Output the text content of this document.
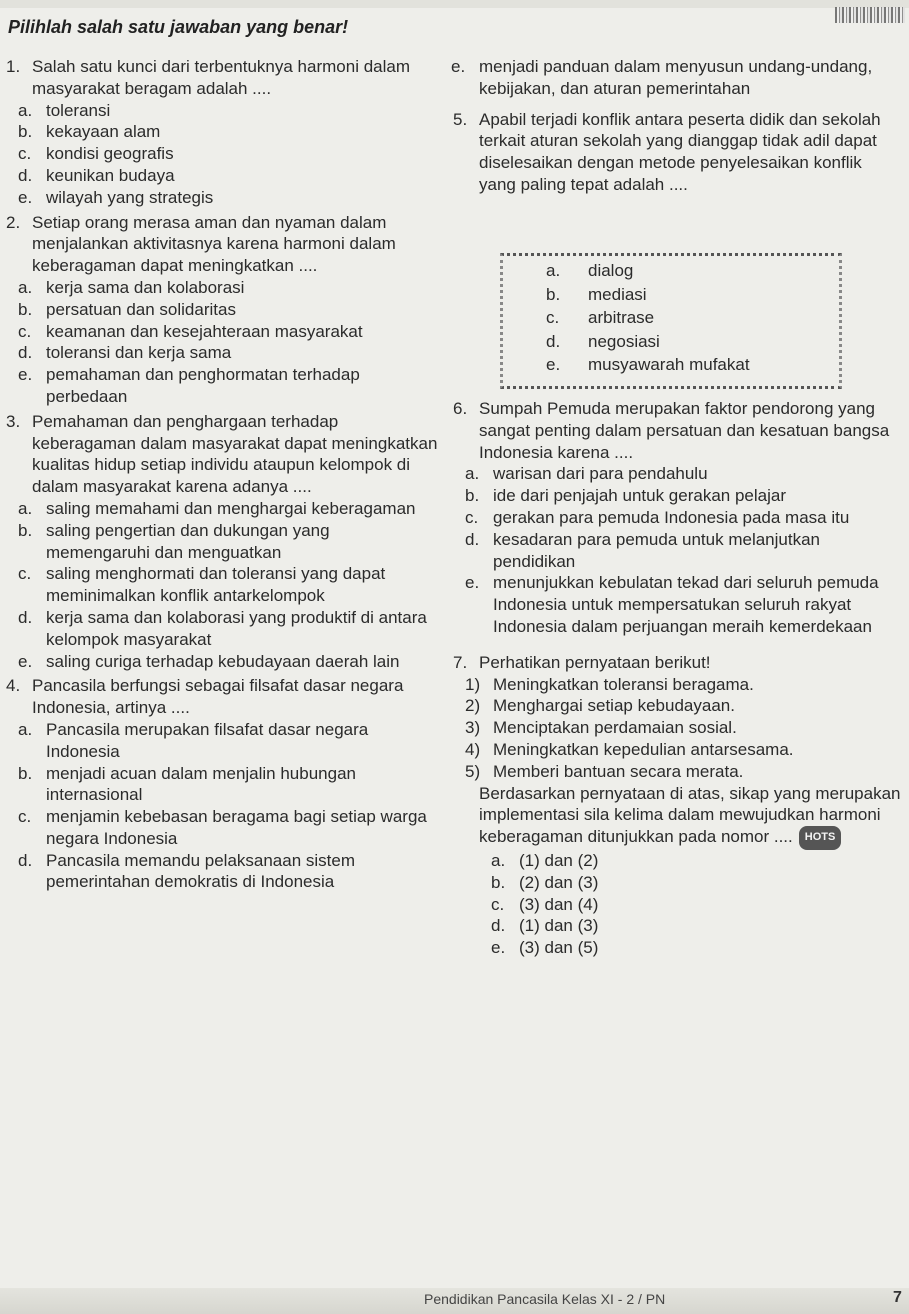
Pilihlah salah satu jawaban yang benar!
1. Salah satu kunci dari terbentuknya harmoni dalam masyarakat beragam adalah ....
a. toleransi
b. kekayaan alam
c. kondisi geografis
d. keunikan budaya
e. wilayah yang strategis
2. Setiap orang merasa aman dan nyaman dalam menjalankan aktivitasnya karena harmoni dalam keberagaman dapat meningkatkan ....
a. kerja sama dan kolaborasi
b. persatuan dan solidaritas
c. keamanan dan kesejahteraan masyarakat
d. toleransi dan kerja sama
e. pemahaman dan penghormatan terhadap perbedaan
3. Pemahaman dan penghargaan terhadap keberagaman dalam masyarakat dapat meningkatkan kualitas hidup setiap individu ataupun kelompok di dalam masyarakat karena adanya ....
a. saling memahami dan menghargai keberagaman
b. saling pengertian dan dukungan yang memengaruhi dan menguatkan
c. saling menghormati dan toleransi yang dapat meminimalkan konflik antarkelompok
d. kerja sama dan kolaborasi yang produktif di antara kelompok masyarakat
e. saling curiga terhadap kebudayaan daerah lain
4. Pancasila berfungsi sebagai filsafat dasar negara Indonesia, artinya ....
a. Pancasila merupakan filsafat dasar negara Indonesia
b. menjadi acuan dalam menjalin hubungan internasional
c. menjamin kebebasan beragama bagi setiap warga negara Indonesia
d. Pancasila memandu pelaksanaan sistem pemerintahan demokratis di Indonesia
e. menjadi panduan dalam menyusun undang-undang, kebijakan, dan aturan pemerintahan
5. Apabil terjadi konflik antara peserta didik dan sekolah terkait aturan sekolah yang dianggap tidak adil dapat diselesaikan dengan metode penyelesaikan konflik yang paling tepat adalah ....
a.	dialog
b.	mediasi
c.	arbitrase
d.	negosiasi
e.	musyawarah mufakat
6. Sumpah Pemuda merupakan faktor pendorong yang sangat penting dalam persatuan dan kesatuan bangsa Indonesia karena ....
a. warisan dari para pendahulu
b. ide dari penjajah untuk gerakan pelajar
c. gerakan para pemuda Indonesia pada masa itu
d. kesadaran para pemuda untuk melanjutkan pendidikan
e. menunjukkan kebulatan tekad dari seluruh pemuda Indonesia untuk mempersatukan seluruh rakyat Indonesia dalam perjuangan meraih kemerdekaan
7. Perhatikan pernyataan berikut!
1) Meningkatkan toleransi beragama.
2) Menghargai setiap kebudayaan.
3) Menciptakan perdamaian sosial.
4) Meningkatkan kepedulian antarsesama.
5) Memberi bantuan secara merata.
Berdasarkan pernyataan di atas, sikap yang merupakan implementasi sila kelima dalam mewujudkan harmoni keberagaman ditunjukkan pada nomor .... HOTS
a. (1) dan (2)
b. (2) dan (3)
c. (3) dan (4)
d. (1) dan (3)
e. (3) dan (5)
Pendidikan Pancasila Kelas XI - 2 / PN	7
